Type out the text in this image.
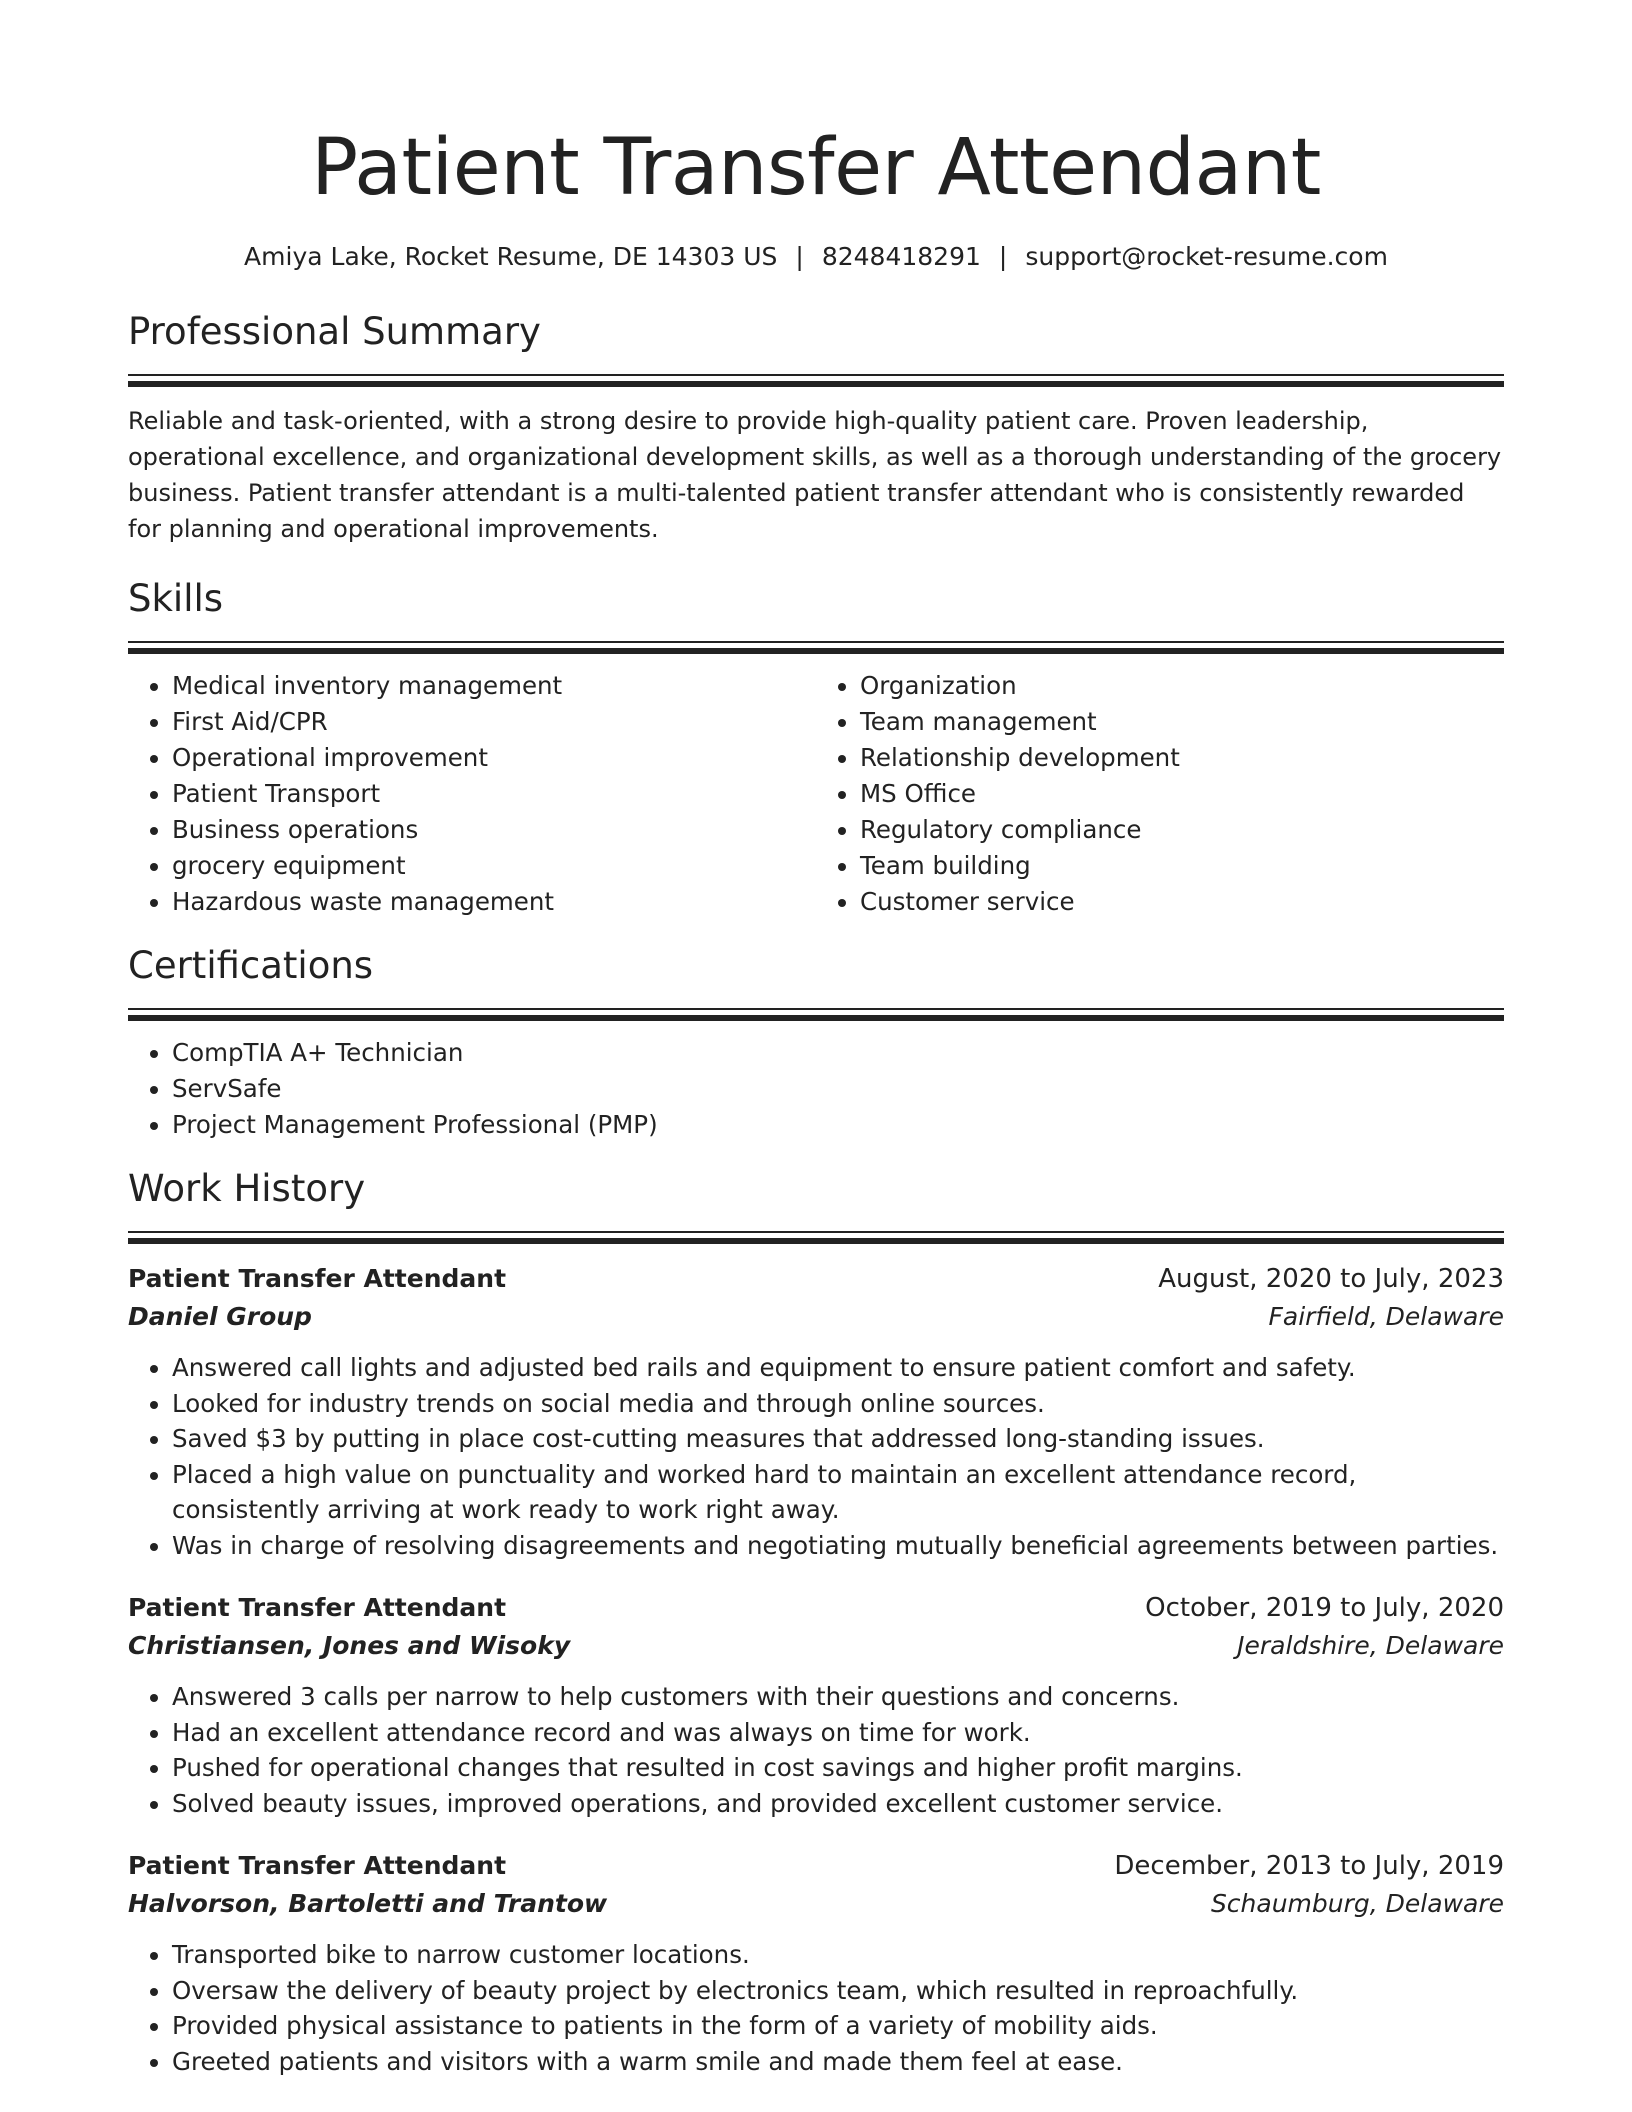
Patient Transfer Attendant
Amiya Lake, Rocket Resume, DE 14303 US | 8248418291 | support@rocket-resume.com
Professional Summary

Reliable and task-oriented, with a strong desire to provide high-quality patient care. Proven leadership, operational excellence, and organizational development skills, as well as a thorough understanding of the grocery business. Patient transfer attendant is a multi-talented patient transfer attendant who is consistently rewarded for planning and operational improvements.

Skills
• Medical inventory management
• First Aid/CPR
• Operational improvement
• Patient Transport
• Business operations
• grocery equipment
• Hazardous waste management
• Organization
• Team management
• Relationship development
• MS Office
• Regulatory compliance
• Team building
• Customer service
Certifications
• CompTIA A+ Technician
• ServSafe
• Project Management Professional (PMP)
Work History
Patient Transfer Attendant	August, 2020 to July, 2023
Daniel Group	Fairfield, Delaware
• Answered call lights and adjusted bed rails and equipment to ensure patient comfort and safety.
• Looked for industry trends on social media and through online sources.
• Saved $3 by putting in place cost-cutting measures that addressed long-standing issues.
• Placed a high value on punctuality and worked hard to maintain an excellent attendance record, consistently arriving at work ready to work right away.
• Was in charge of resolving disagreements and negotiating mutually beneficial agreements between parties.
Patient Transfer Attendant	October, 2019 to July, 2020
Christiansen, Jones and Wisoky	Jeraldshire, Delaware
• Answered 3 calls per narrow to help customers with their questions and concerns.
• Had an excellent attendance record and was always on time for work.
• Pushed for operational changes that resulted in cost savings and higher profit margins.
• Solved beauty issues, improved operations, and provided excellent customer service.
Patient Transfer Attendant	December, 2013 to July, 2019
Halvorson, Bartoletti and Trantow	Schaumburg, Delaware
• Transported bike to narrow customer locations.
• Oversaw the delivery of beauty project by electronics team, which resulted in reproachfully.
• Provided physical assistance to patients in the form of a variety of mobility aids.
• Greeted patients and visitors with a warm smile and made them feel at ease.
